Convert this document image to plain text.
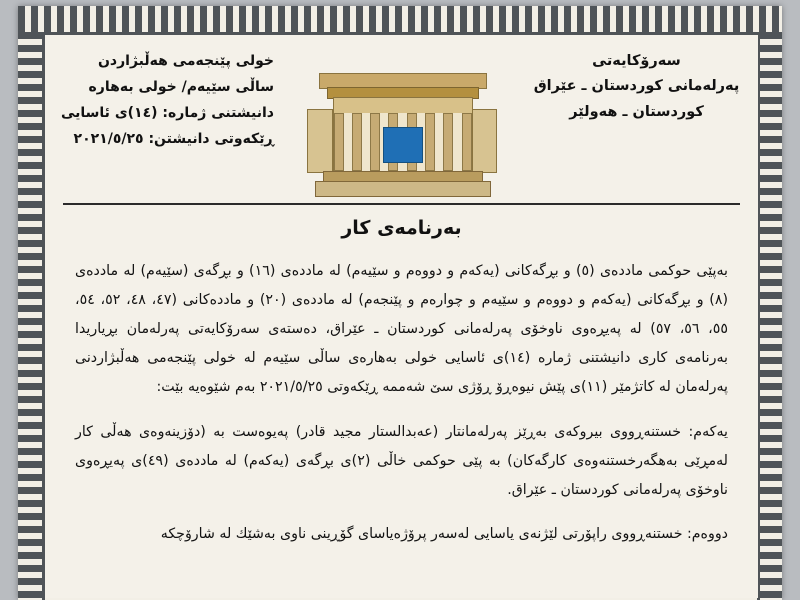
سەرۆكایەتی
پەرلەمانی كوردستان ـ عێراق
كوردستان ـ هەولێر
خولی پێنجەمی هەڵبژاردن
ساڵی سێیەم/ خولی بەهارە
دانیشتنی ژمارە: (١٤)ی ئاسایی
ڕێكەوتی دانیشتن: ٢٠٢١/٥/٢٥
بەرنامەی كار

بەپێی حوكمی ماددەی (٥) و بڕگەكانی (یەكەم و دووەم و سێیەم) لە ماددەی (١٦) و بڕگەی (سێیەم) لە ماددەی (٨) و بڕگەكانی (یەكەم و دووەم و سێیەم و چوارەم و پێنجەم) لە ماددەی (٢٠) و ماددەكانی (٤٧، ٤٨، ٥٢، ٥٤، ٥٥، ٥٦، ٥٧) لە پەیڕەوی ناوخۆی پەرلەمانی كوردستان ـ عێراق، دەستەی سەرۆكایەتی پەرلەمان بڕیاریدا بەرنامەی كاری دانیشتنی ژمارە (١٤)ی ئاسایی خولی بەهارەی ساڵی سێیەم لە خولی پێنجەمی هەڵبژاردنی پەرلەمان لە كاتژمێر (١١)ی پێش نیوەڕۆ ڕۆژی سێ شەممە ڕێكەوتی ٢٠٢١/٥/٢٥ بەم شێوەیە بێت:

یەكەم: خستنەڕووی بیروكەی بەڕێز پەرلەمانتار (عەبدالستار مجید قادر) پەیوەست بە (دۆزینەوەی هەڵی كار لەمڕێی بەهگەرخستنەوەی كارگەكان) بە پێی حوكمی خاڵی (٢)ی بڕگەی (یەكەم) لە ماددەی (٤٩)ی پەیڕەوی ناوخۆی پەرلەمانی كوردستان ـ عێراق.

دووەم: خستنەڕووی راپۆرتی لێژنەی یاسایی لەسەر پرۆژەیاسای گۆڕینی ناوی بەشێك لە شارۆچكە
